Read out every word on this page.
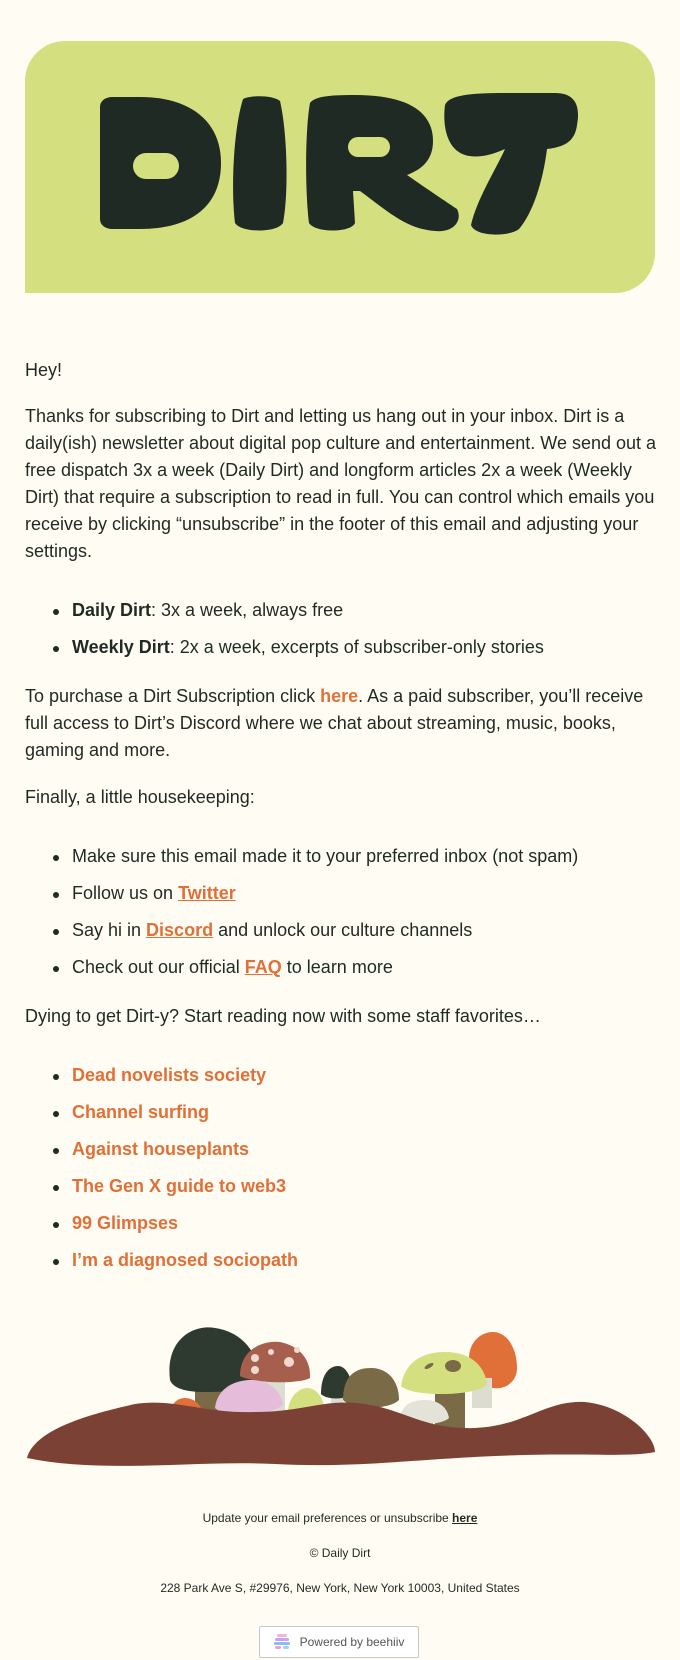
Hey!

Thanks for subscribing to Dirt and letting us hang out in your inbox. Dirt is a daily(ish) newsletter about digital pop culture and entertainment. We send out a free dispatch 3x a week (Daily Dirt) and longform articles 2x a week (Weekly Dirt) that require a subscription to read in full. You can control which emails you receive by clicking “unsubscribe” in the footer of this email and adjusting your settings.

Daily Dirt: 3x a week, always free
Weekly Dirt: 2x a week, excerpts of subscriber-only stories

To purchase a Dirt Subscription click here. As a paid subscriber, you’ll receive full access to Dirt’s Discord where we chat about streaming, music, books, gaming and more.

Finally, a little housekeeping:

Make sure this email made it to your preferred inbox (not spam)
Follow us on Twitter
Say hi in Discord and unlock our culture channels
Check out our official FAQ to learn more

Dying to get Dirt-y? Start reading now with some staff favorites…

Dead novelists society
Channel surfing
Against houseplants
The Gen X guide to web3
99 Glimpses
I’m a diagnosed sociopath
Update your email preferences or unsubscribe here
© Daily Dirt
228 Park Ave S, #29976, New York, New York 10003, United States
Powered by beehiiv
